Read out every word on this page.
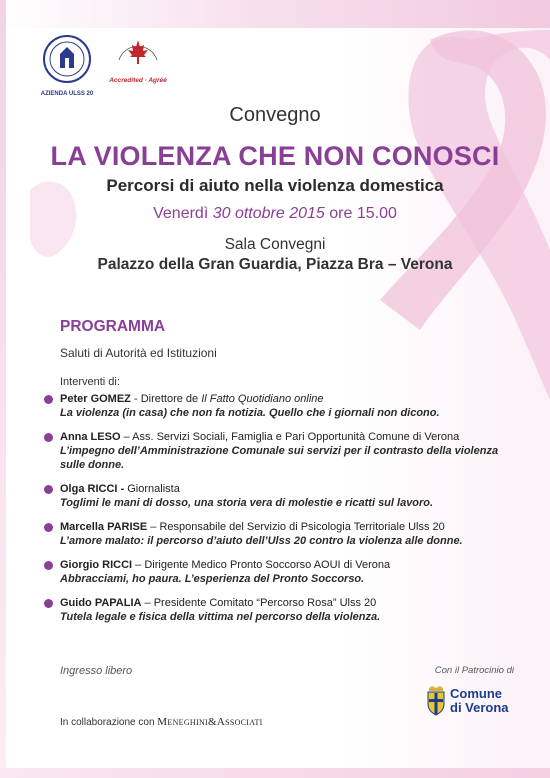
AZIENDA ULSS 20
Accredited · Agréé
Convegno
LA VIOLENZA CHE NON CONOSCI
Percorsi di aiuto nella violenza domestica
Venerdì 30 ottobre 2015 ore 15.00
Sala Convegni
Palazzo della Gran Guardia, Piazza Bra – Verona
PROGRAMMA
Saluti di Autorità ed Istituzioni
Interventi di:
Peter GOMEZ - Direttore de Il Fatto Quotidiano online
La violenza (in casa) che non fa notizia. Quello che i giornali non dicono.
Anna LESO – Ass. Servizi Sociali, Famiglia e Pari Opportunità Comune di Verona
L’impegno dell’Amministrazione Comunale sui servizi per il contrasto della violenza sulle donne.
Olga RICCI - Giornalista
Toglimi le mani di dosso, una storia vera di molestie e ricatti sul lavoro.
Marcella PARISE – Responsabile del Servizio di Psicologia Territoriale Ulss 20
L’amore malato: il percorso d’aiuto dell’Ulss 20 contro la violenza alle donne.
Giorgio RICCI – Dirigente Medico Pronto Soccorso AOUI di Verona
Abbracciami, ho paura. L’esperienza del Pronto Soccorso.
Guido PAPALIA – Presidente Comitato “Percorso Rosa” Ulss 20
Tutela legale e fisica della vittima nel percorso della violenza.
Ingresso libero
In collaborazione con Meneghini&Associati
Con il Patrocinio di
Comune
di Verona
